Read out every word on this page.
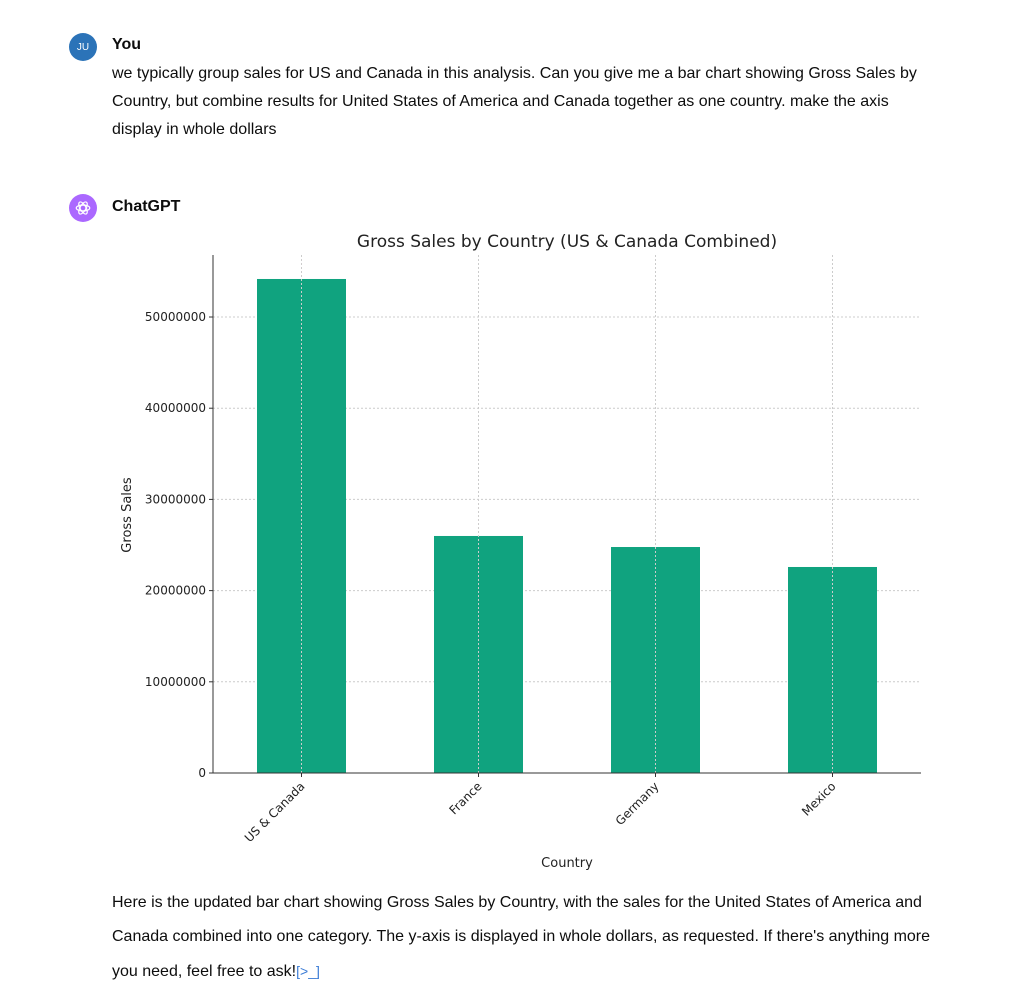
JU	You
we typically group sales for US and Canada in this analysis. Can you give me a bar chart showing Gross Sales by Country, but combine results for United States of America and Canada together as one country. make the axis display in whole dollars
ChatGPT
Gross Sales by Country (US & Canada Combined)
0
10000000
20000000
30000000
40000000
50000000
US & Canada	France	Germany	Mexico
Country
Gross Sales
Here is the updated bar chart showing Gross Sales by Country, with the sales for the United States of America and Canada combined into one category. The y-axis is displayed in whole dollars, as requested. If there's anything more you need, feel free to ask![>_]
